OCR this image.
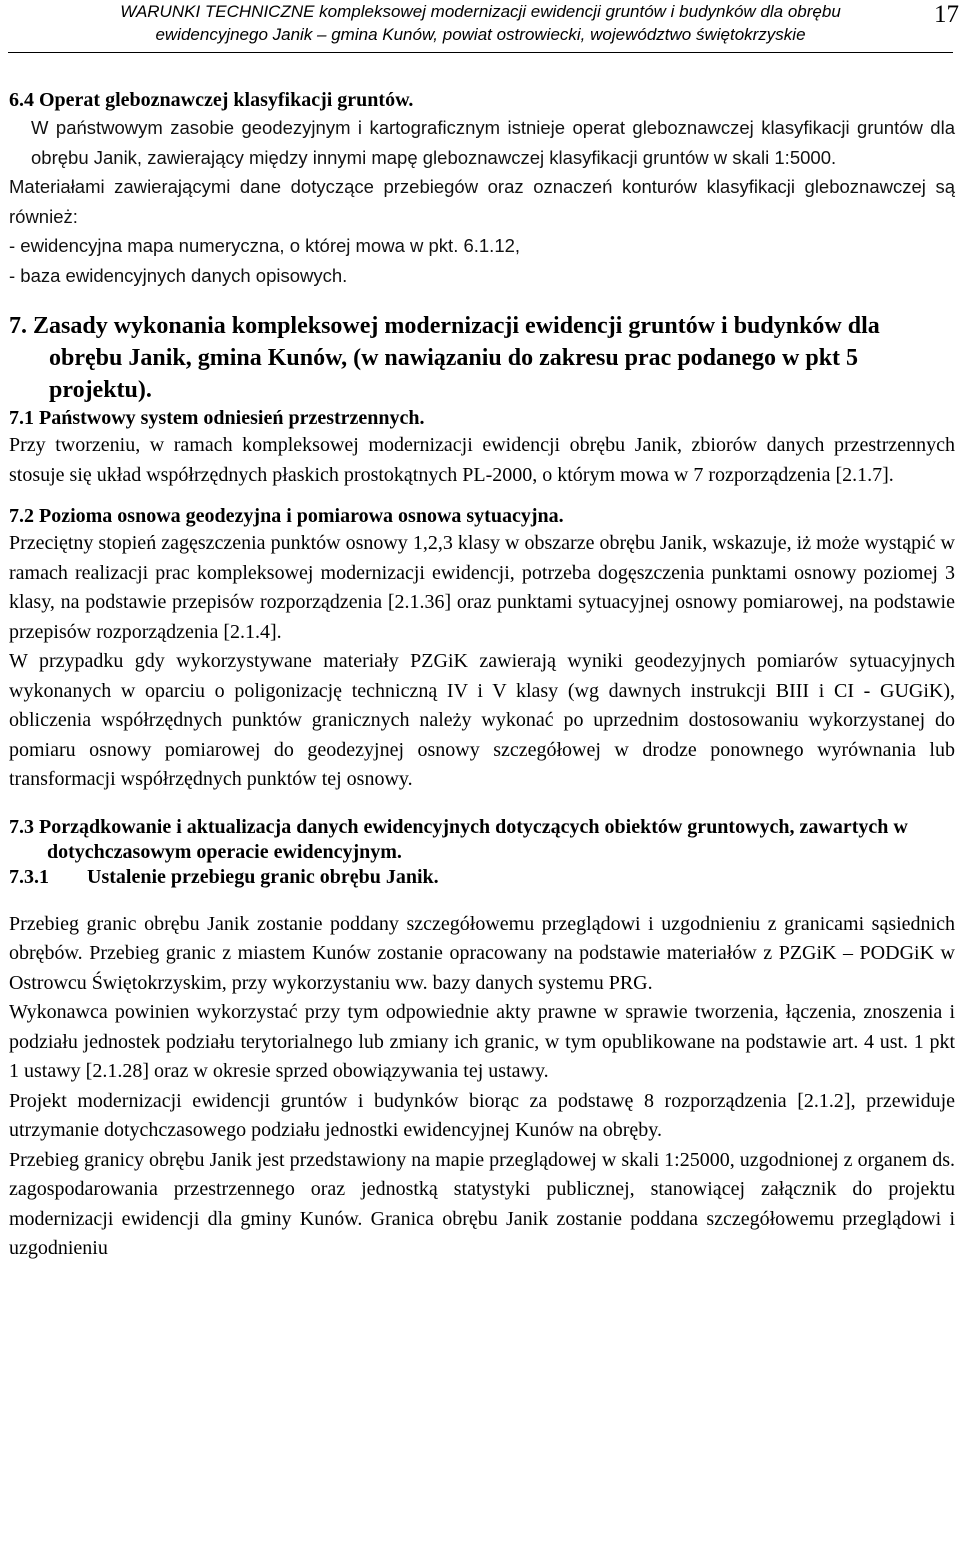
WARUNKI TECHNICZNE kompleksowej modernizacji ewidencji gruntów i budynków dla obrębu
ewidencyjnego Janik – gmina Kunów, powiat ostrowiecki, województwo świętokrzyskie
17
6.4 Operat gleboznawczej klasyfikacji gruntów.

W państwowym zasobie geodezyjnym i kartograficznym istnieje operat gleboznawczej klasyfikacji gruntów dla obrębu Janik, zawierający między innymi mapę gleboznawczej klasyfikacji gruntów w skali 1:5000.

Materiałami zawierającymi dane dotyczące przebiegów oraz oznaczeń konturów klasyfikacji gleboznawczej są również:

- ewidencyjna mapa numeryczna, o której mowa w pkt. 6.1.12,

- baza ewidencyjnych danych opisowych.

7. Zasady wykonania kompleksowej modernizacji ewidencji gruntów i budynków dla obrębu Janik, gmina Kunów, (w nawiązaniu do zakresu prac podanego w pkt 5 projektu).
7.1 Państwowy system odniesień przestrzennych.

Przy tworzeniu, w ramach kompleksowej modernizacji ewidencji obrębu Janik, zbiorów danych przestrzennych stosuje się układ współrzędnych płaskich prostokątnych PL-2000, o którym mowa w 7 rozporządzenia [2.1.7].

7.2 Pozioma osnowa geodezyjna i pomiarowa osnowa sytuacyjna.

Przeciętny stopień zagęszczenia punktów osnowy 1,2,3 klasy w obszarze obrębu Janik, wskazuje, iż może wystąpić w ramach realizacji prac kompleksowej modernizacji ewidencji, potrzeba dogęszczenia punktami osnowy poziomej 3 klasy, na podstawie przepisów rozporządzenia [2.1.36] oraz punktami sytuacyjnej osnowy pomiarowej, na podstawie przepisów rozporządzenia [2.1.4].

W przypadku gdy wykorzystywane materiały PZGiK zawierają wyniki geodezyjnych pomiarów sytuacyjnych wykonanych w oparciu o poligonizację techniczną IV i V klasy (wg dawnych instrukcji BIII i CI - GUGiK), obliczenia współrzędnych punktów granicznych należy wykonać po uprzednim dostosowaniu wykorzystanej do pomiaru osnowy pomiarowej do geodezyjnej osnowy szczegółowej w drodze ponownego wyrównania lub transformacji współrzędnych punktów tej osnowy.

7.3 Porządkowanie i aktualizacja danych ewidencyjnych dotyczących obiektów gruntowych, zawartych w dotychczasowym operacie ewidencyjnym.
7.3.1 Ustalenie przebiegu granic obrębu Janik.

Przebieg granic obrębu Janik zostanie poddany szczegółowemu przeglądowi i uzgodnieniu z granicami sąsiednich obrębów. Przebieg granic z miastem Kunów zostanie opracowany na podstawie materiałów z PZGiK – PODGiK w Ostrowcu Świętokrzyskim, przy wykorzystaniu ww. bazy danych systemu PRG.

Wykonawca powinien wykorzystać przy tym odpowiednie akty prawne w sprawie tworzenia, łączenia, znoszenia i podziału jednostek podziału terytorialnego lub zmiany ich granic, w tym opublikowane na podstawie art. 4 ust. 1 pkt 1 ustawy [2.1.28] oraz w okresie sprzed obowiązywania tej ustawy.

Projekt modernizacji ewidencji gruntów i budynków biorąc za podstawę 8 rozporządzenia [2.1.2], przewiduje utrzymanie dotychczasowego podziału jednostki ewidencyjnej Kunów na obręby.

Przebieg granicy obrębu Janik jest przedstawiony na mapie przeglądowej w skali 1:25000, uzgodnionej z organem ds. zagospodarowania przestrzennego oraz jednostką statystyki publicznej, stanowiącej załącznik do projektu modernizacji ewidencji dla gminy Kunów. Granica obrębu Janik zostanie poddana szczegółowemu przeglądowi i uzgodnieniu
